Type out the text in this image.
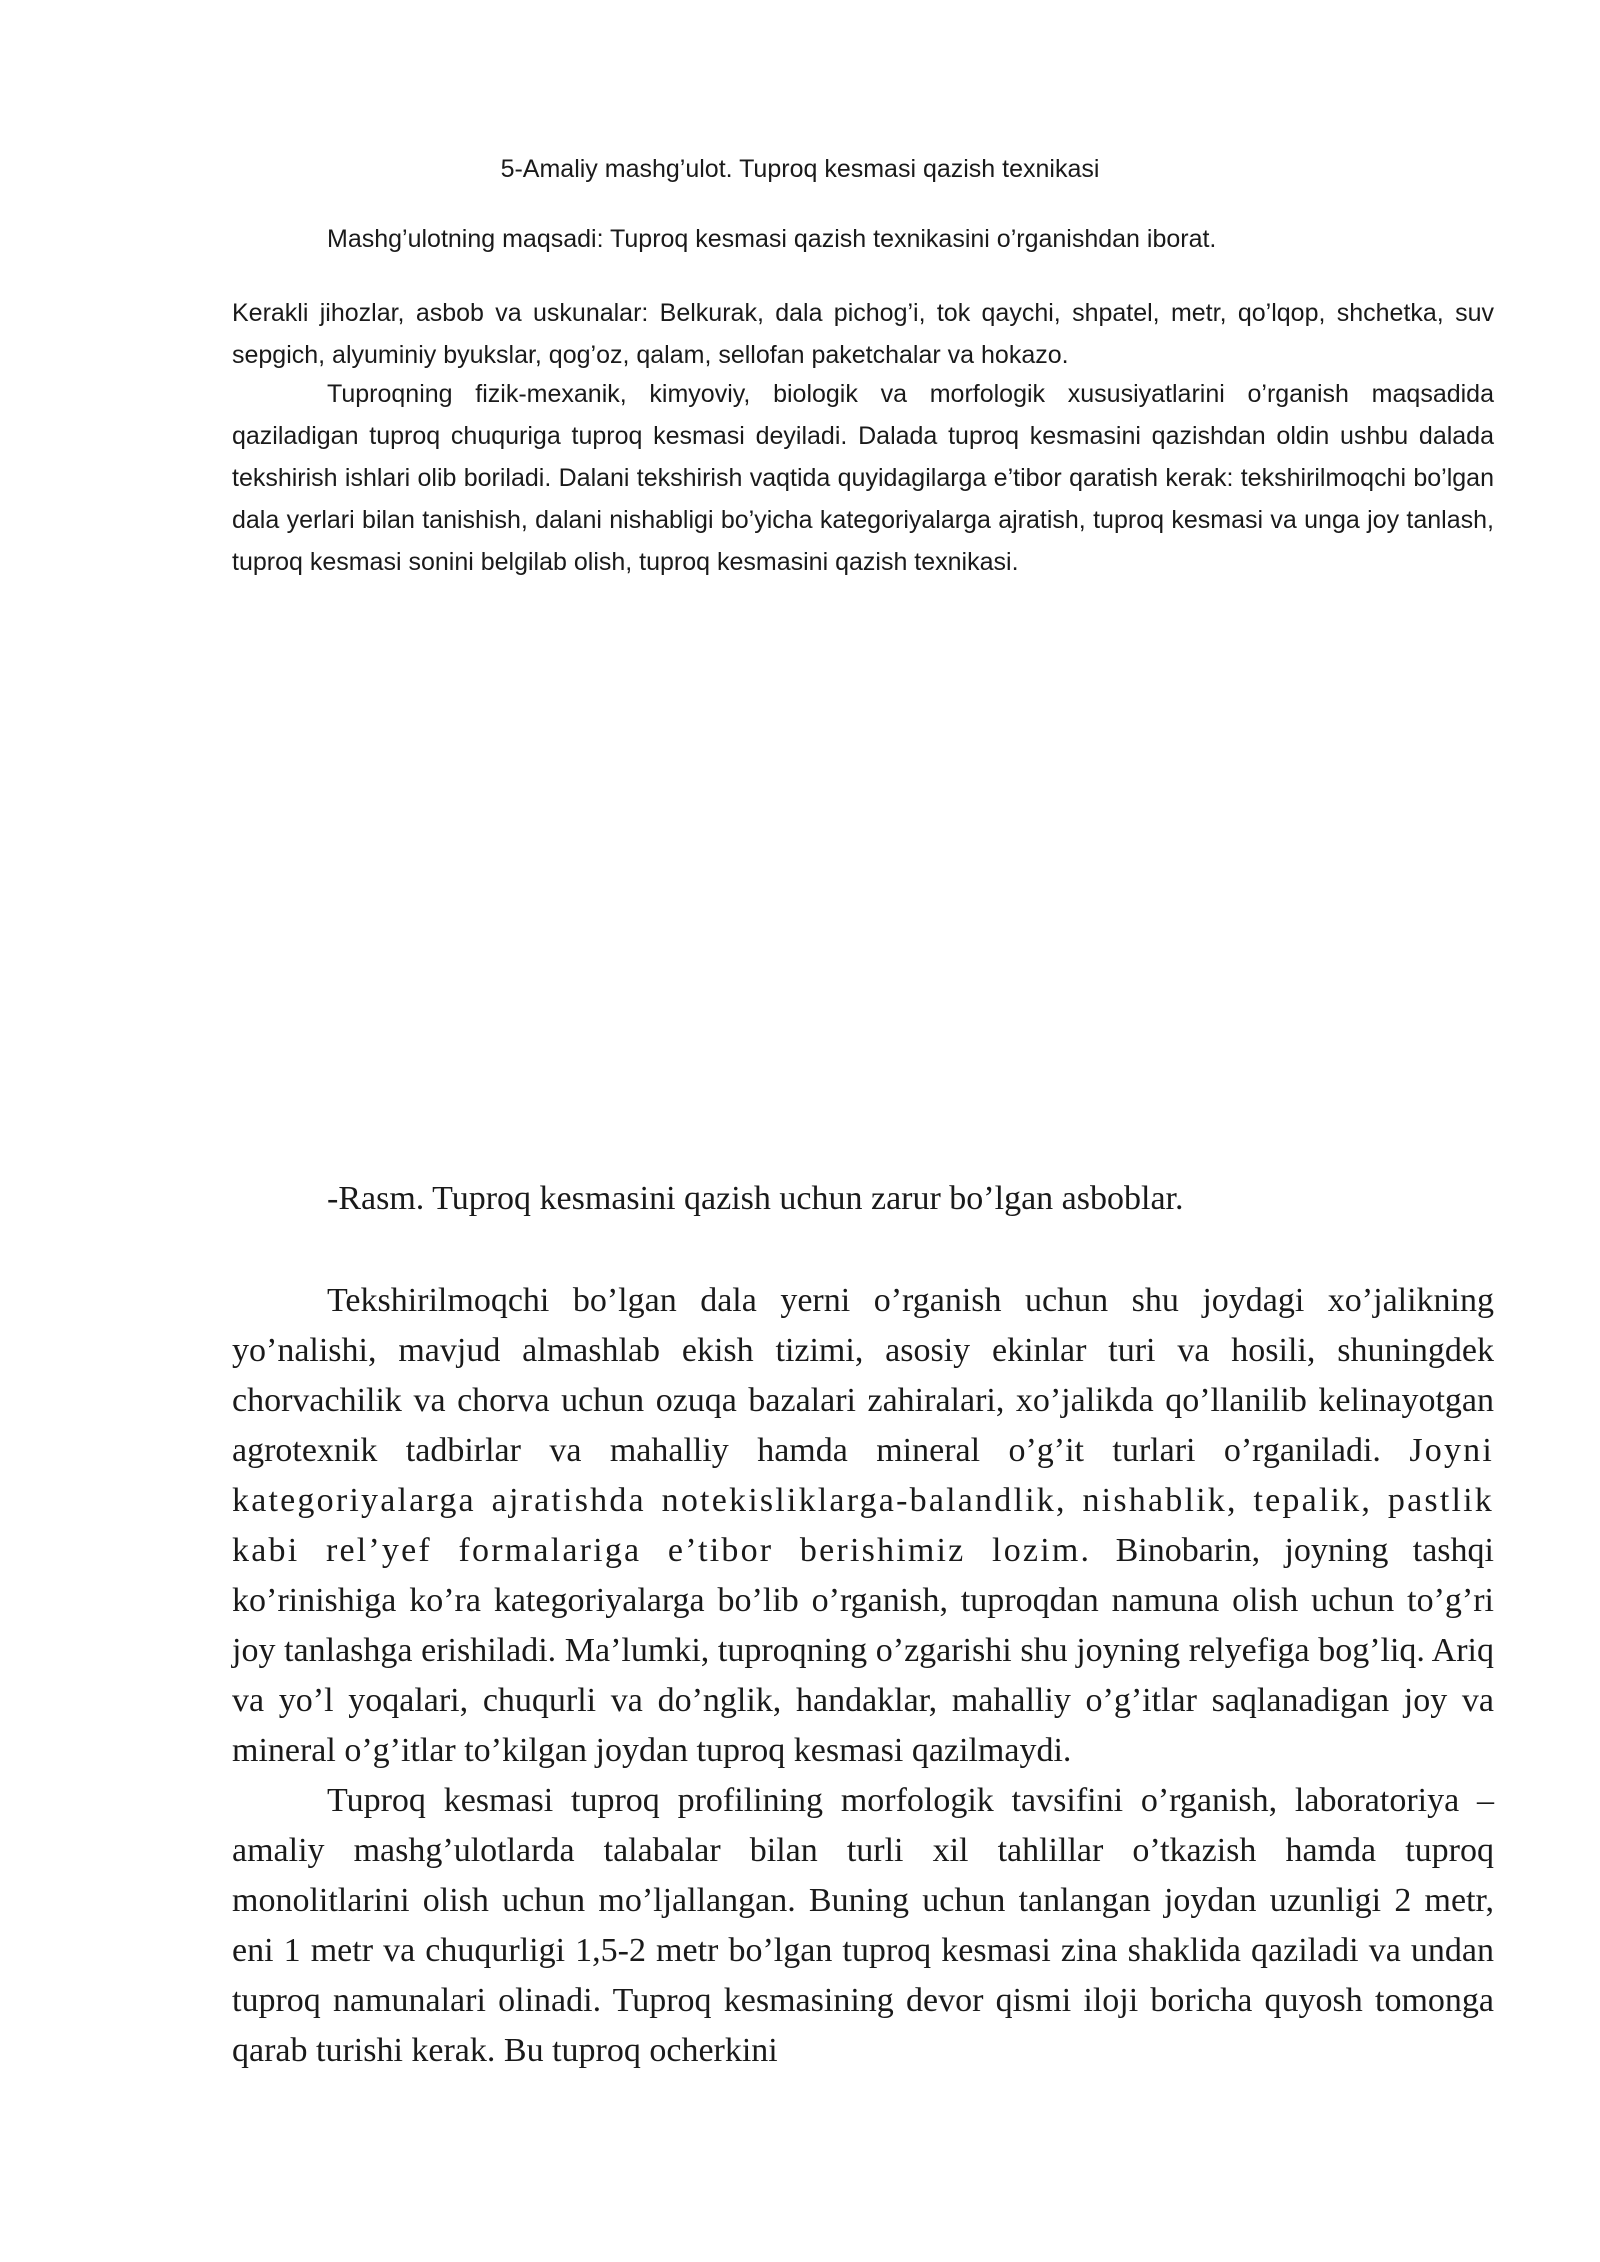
5-Amaliy mashg’ulot. Tuproq kesmasi qazish texnikasi
Mashg’ulotning maqsadi: Tuproq kesmasi qazish texnikasini o’rganishdan iborat.
Kerakli jihozlar, asbob va uskunalar: Belkurak, dala pichog’i, tok qaychi, shpatel, metr, qo’lqop, shchetka, suv sepgich, alyuminiy byukslar, qog’oz, qalam, sellofan paketchalar va hokazo.
Tuproqning fizik-mexanik, kimyoviy, biologik va morfologik xususiyatlarini o’rganish maqsadida qaziladigan tuproq chuquriga tuproq kesmasi deyiladi. Dalada tuproq kesmasini qazishdan oldin ushbu dalada tekshirish ishlari olib boriladi. Dalani tekshirish vaqtida quyidagilarga e’tibor qaratish kerak: tekshirilmoqchi bo’lgan dala yerlari bilan tanishish, dalani nishabligi bo’yicha kategoriyalarga ajratish, tuproq kesmasi va unga joy tanlash, tuproq kesmasi sonini belgilab olish, tuproq kesmasini qazish texnikasi.
-Rasm. Tuproq kesmasini qazish uchun zarur bo’lgan asboblar.

Tekshirilmoqchi bo’lgan dala yerni o’rganish uchun shu joydagi xo’jalikning yo’nalishi, mavjud almashlab ekish tizimi, asosiy ekinlar turi va hosili, shuningdek chorvachilik va chorva uchun ozuqa bazalari zahiralari, xo’jalikda qo’llanilib kelinayotgan agrotexnik tadbirlar va mahalliy hamda mineral o’g’it turlari o’rganiladi. Joyni kategoriyalarga ajratishda notekisliklarga-balandlik, nishablik, tepalik, pastlik kabi rel’yef formalariga e’tibor berishimiz lozim. Binobarin, joyning tashqi ko’rinishiga ko’ra kategoriyalarga bo’lib o’rganish, tuproqdan namuna olish uchun to’g’ri joy tanlashga erishiladi. Ma’lumki, tuproqning o’zgarishi shu joyning relyefiga bog’liq. Ariq va yo’l yoqalari, chuqurli va do’nglik, handaklar, mahalliy o’g’itlar saqlanadigan joy va mineral o’g’itlar to’kilgan joydan tuproq kesmasi qazilmaydi.

Tuproq kesmasi tuproq profilining morfologik tavsifini o’rganish, laboratoriya – amaliy mashg’ulotlarda talabalar bilan turli xil tahlillar o’tkazish hamda tuproq monolitlarini olish uchun mo’ljallangan. Buning uchun tanlangan joydan uzunligi 2 metr, eni 1 metr va chuqurligi 1,5-2 metr bo’lgan tuproq kesmasi zina shaklida qaziladi va undan tuproq namunalari olinadi. Tuproq kesmasining devor qismi iloji boricha quyosh tomonga qarab turishi kerak. Bu tuproq ocherkini
